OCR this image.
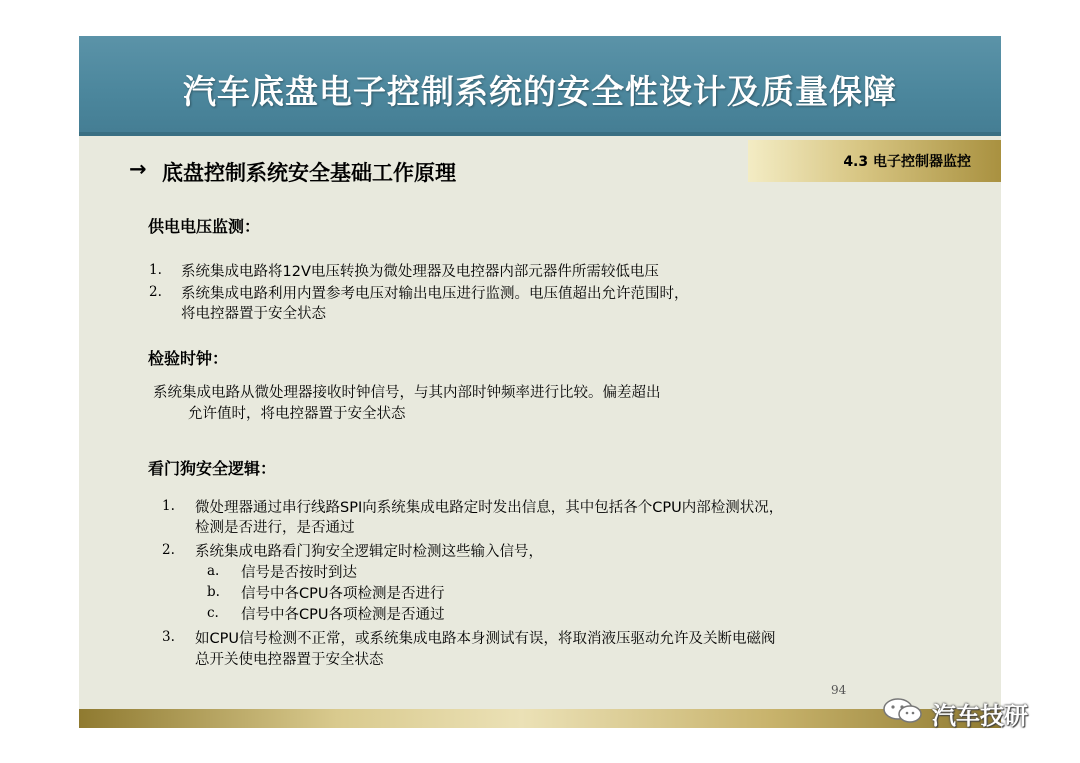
汽车底盘电子控制系统的安全性设计及质量保障
4.3 电子控制器监控
→ 底盘控制系统安全基础工作原理
供电电压监测：
1. 系统集成电路将12V电压转换为微处理器及电控器内部元器件所需较低电压
2. 系统集成电路利用内置参考电压对输出电压进行监测。电压值超出允许范围时，
将电控器置于安全状态
检验时钟：
系统集成电路从微处理器接收时钟信号，与其内部时钟频率进行比较。偏差超出
允许值时，将电控器置于安全状态
看门狗安全逻辑：
1. 微处理器通过串行线路SPI向系统集成电路定时发出信息，其中包括各个CPU内部检测状况，
检测是否进行，是否通过
2. 系统集成电路看门狗安全逻辑定时检测这些输入信号，
a. 信号是否按时到达
b. 信号中各CPU各项检测是否进行
c. 信号中各CPU各项检测是否通过
3. 如CPU信号检测不正常，或系统集成电路本身测试有误，将取消液压驱动允许及关断电磁阀
总开关使电控器置于安全状态
94
汽车技研
